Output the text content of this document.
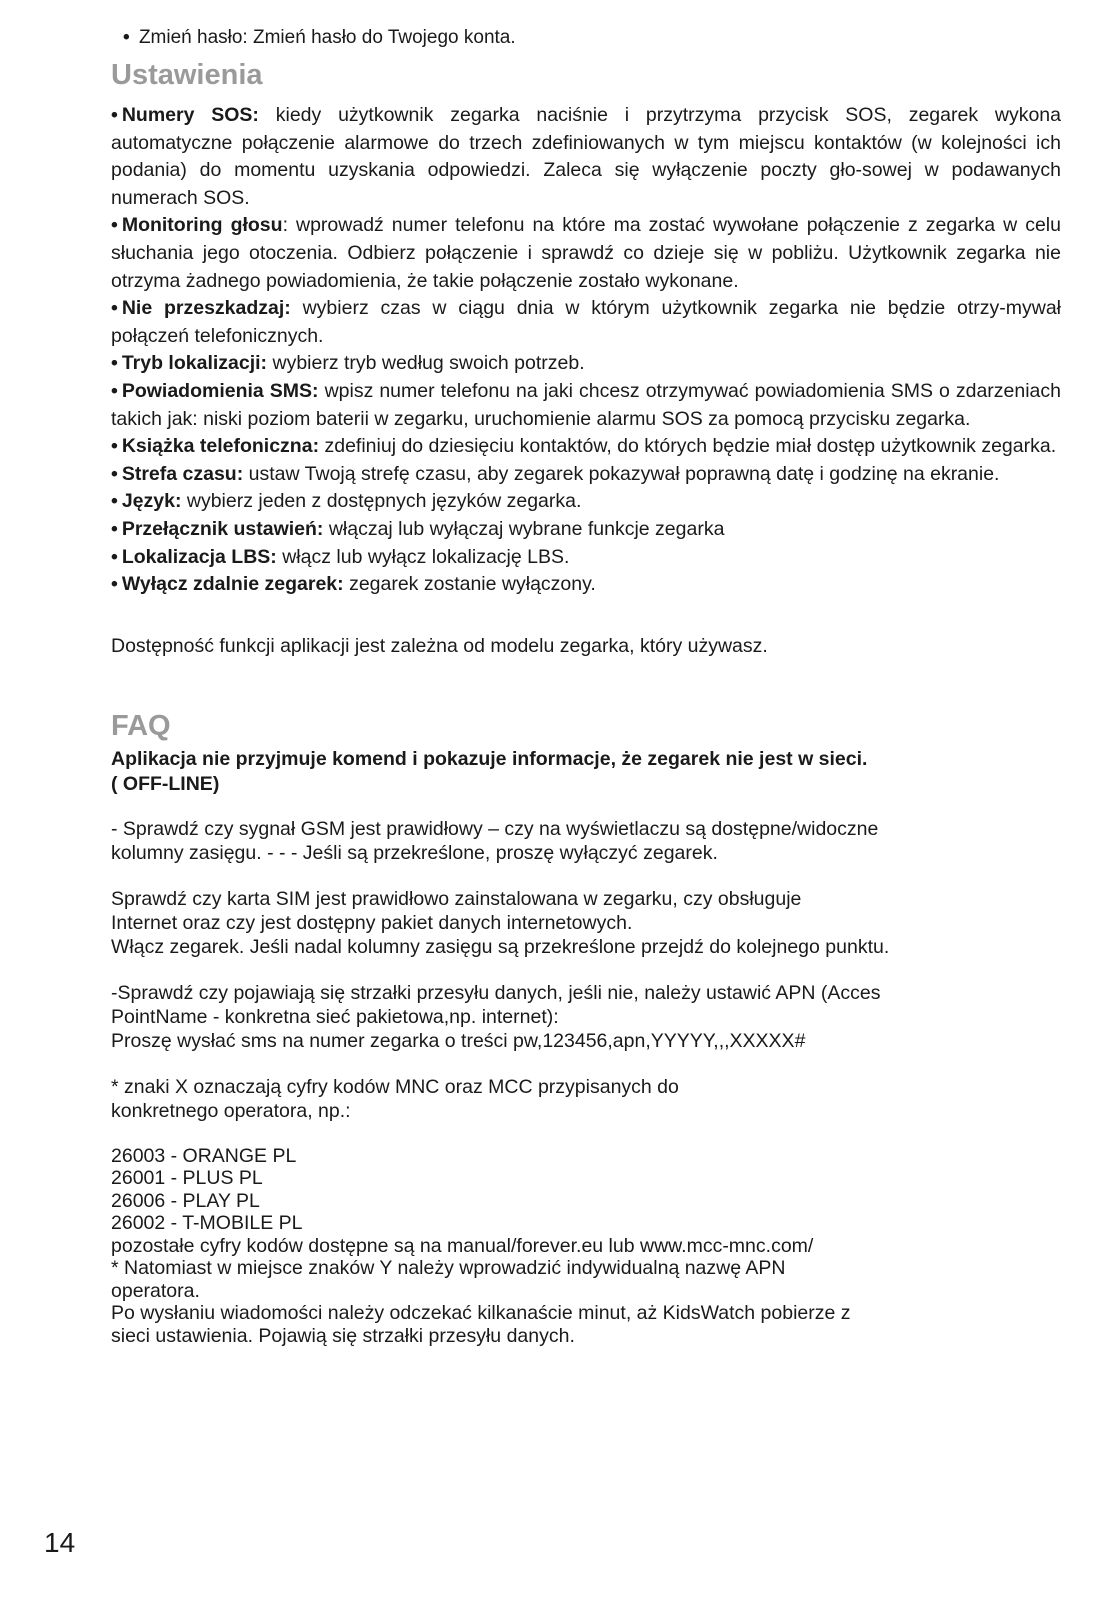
• Zmień hasło: Zmień hasło do Twojego konta.

Ustawienia

• Numery SOS: kiedy użytkownik zegarka naciśnie i przytrzyma przycisk SOS, zegarek wykona automatyczne połączenie alarmowe do trzech zdefiniowanych w tym miejscu kontaktów (w kolejności ich podania) do momentu uzyskania odpowiedzi. Zaleca się wyłączenie poczty gło-sowej w podawanych numerach SOS.

• Monitoring głosu: wprowadź numer telefonu na które ma zostać wywołane połączenie z zegarka w celu słuchania jego otoczenia. Odbierz połączenie i sprawdź co dzieje się w pobliżu. Użytkownik zegarka nie otrzyma żadnego powiadomienia, że takie połączenie zostało wykonane.

• Nie przeszkadzaj: wybierz czas w ciągu dnia w którym użytkownik zegarka nie będzie otrzy-mywał połączeń telefonicznych.

• Tryb lokalizacji: wybierz tryb według swoich potrzeb.

• Powiadomienia SMS: wpisz numer telefonu na jaki chcesz otrzymywać powiadomienia SMS o zdarzeniach takich jak: niski poziom baterii w zegarku, uruchomienie alarmu SOS za pomocą przycisku zegarka.

• Książka telefoniczna: zdefiniuj do dziesięciu kontaktów, do których będzie miał dostęp użytkownik zegarka.

• Strefa czasu: ustaw Twoją strefę czasu, aby zegarek pokazywał poprawną datę i godzinę na ekranie.

• Język: wybierz jeden z dostępnych języków zegarka.

• Przełącznik ustawień: włączaj lub wyłączaj wybrane funkcje zegarka

• Lokalizacja LBS: włącz lub wyłącz lokalizację LBS.

• Wyłącz zdalnie zegarek: zegarek zostanie wyłączony.

Dostępność funkcji aplikacji jest zależna od modelu zegarka, który używasz.

FAQ

Aplikacja nie przyjmuje komend i pokazuje informacje, że zegarek nie jest w sieci.
( OFF-LINE)

- Sprawdź czy sygnał GSM jest prawidłowy – czy na wyświetlaczu są dostępne/widoczne
kolumny zasięgu. - - - Jeśli są przekreślone, proszę wyłączyć zegarek.

Sprawdź czy karta SIM jest prawidłowo zainstalowana w zegarku, czy obsługuje
Internet oraz czy jest dostępny pakiet danych internetowych.
Włącz zegarek. Jeśli nadal kolumny zasięgu są przekreślone przejdź do kolejnego punktu.

-Sprawdź czy pojawiają się strzałki przesyłu danych, jeśli nie, należy ustawić APN (Acces
PointName - konkretna sieć pakietowa,np. internet):
Proszę wysłać sms na numer zegarka o treści pw,123456,apn,YYYYY,,,XXXXX#

* znaki X oznaczają cyfry kodów MNC oraz MCC przypisanych do
konkretnego operatora, np.:

26003 - ORANGE PL
26001 - PLUS PL
26006 - PLAY PL
26002 - T-MOBILE PL

pozostałe cyfry kodów dostępne są na manual/forever.eu lub www.mcc-mnc.com/
* Natomiast w miejsce znaków Y należy wprowadzić indywidualną nazwę APN
operatora.
Po wysłaniu wiadomości należy odczekać kilkanaście minut, aż KidsWatch pobierze z
sieci ustawienia. Pojawią się strzałki przesyłu danych.

14
